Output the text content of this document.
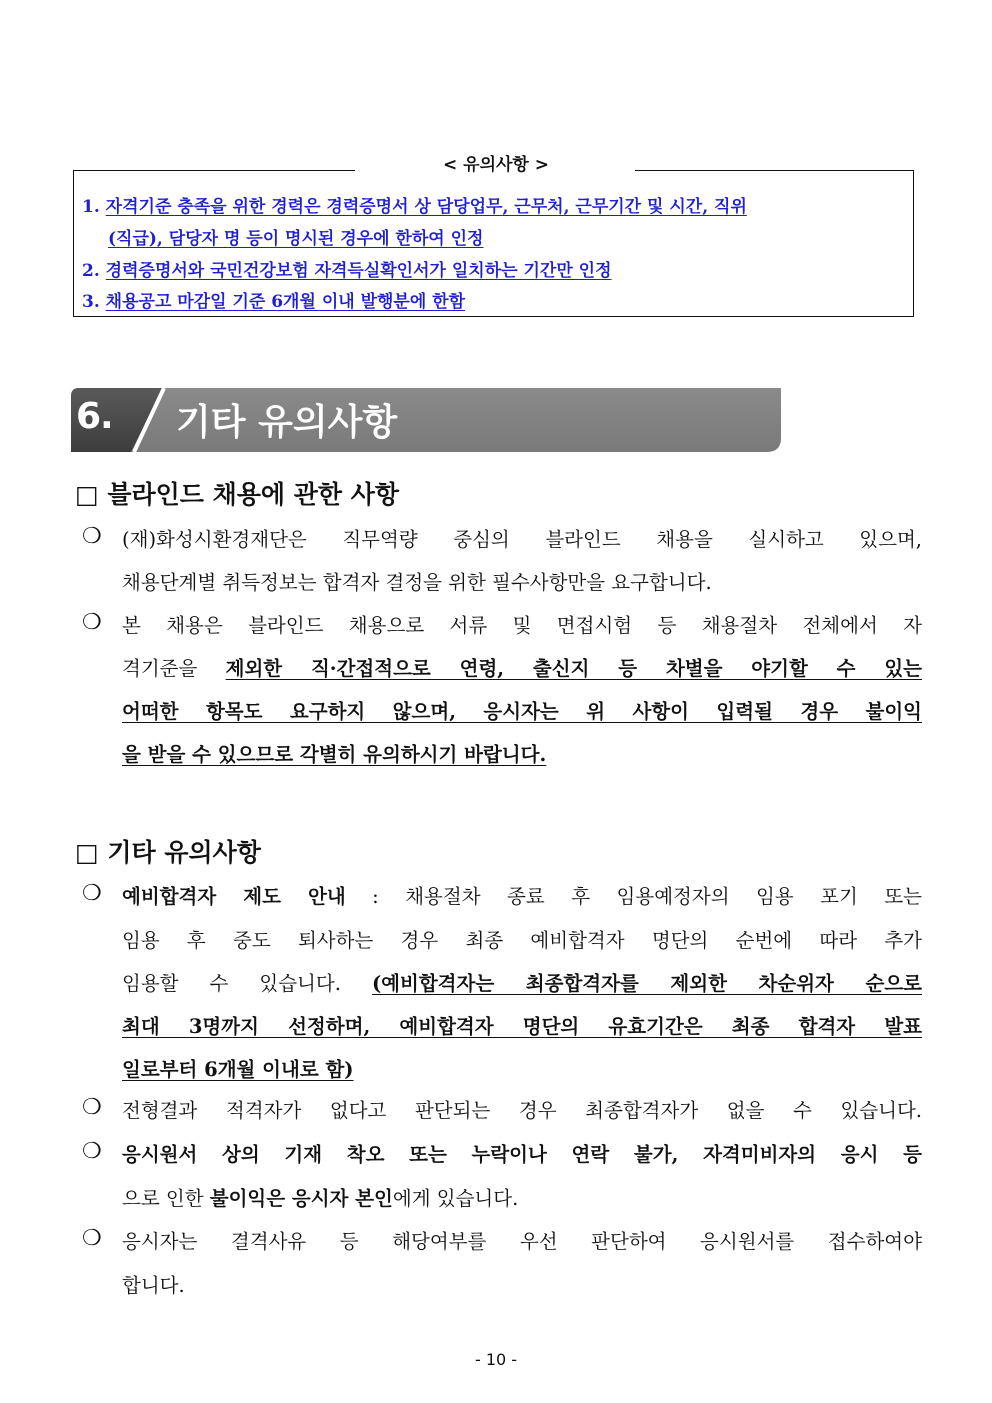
< 유의사항 >
1. 자격기준 충족을 위한 경력은 경력증명서 상 담당업무, 근무처, 근무기간 및 시간, 직위
(직급), 담당자 명 등이 명시된 경우에 한하여 인정
2. 경력증명서와 국민건강보험 자격득실확인서가 일치하는 기간만 인정
3. 채용공고 마감일 기준 6개월 이내 발행분에 한함
6. 기타 유의사항
□ 블라인드 채용에 관한 사항
❍ (재)화성시환경재단은 직무역량 중심의 블라인드 채용을 실시하고 있으며,
채용단계별 취득정보는 합격자 결정을 위한 필수사항만을 요구합니다.
❍ 본 채용은 블라인드 채용으로 서류 및 면접시험 등 채용절차 전체에서 자
격기준을 제외한 직·간접적으로 연령, 출신지 등 차별을 야기할 수 있는
어떠한 항목도 요구하지 않으며, 응시자는 위 사항이 입력될 경우 불이익
을 받을 수 있으므로 각별히 유의하시기 바랍니다.
□ 기타 유의사항
❍ 예비합격자 제도 안내 : 채용절차 종료 후 임용예정자의 임용 포기 또는
임용 후 중도 퇴사하는 경우 최종 예비합격자 명단의 순번에 따라 추가
임용할 수 있습니다. (예비합격자는 최종합격자를 제외한 차순위자 순으로
최대 3명까지 선정하며, 예비합격자 명단의 유효기간은 최종 합격자 발표
일로부터 6개월 이내로 함)
❍ 전형결과 적격자가 없다고 판단되는 경우 최종합격자가 없을 수 있습니다.
❍ 응시원서 상의 기재 착오 또는 누락이나 연락 불가, 자격미비자의 응시 등
으로 인한 불이익은 응시자 본인에게 있습니다.
❍ 응시자는 결격사유 등 해당여부를 우선 판단하여 응시원서를 접수하여야
합니다.
- 10 -
